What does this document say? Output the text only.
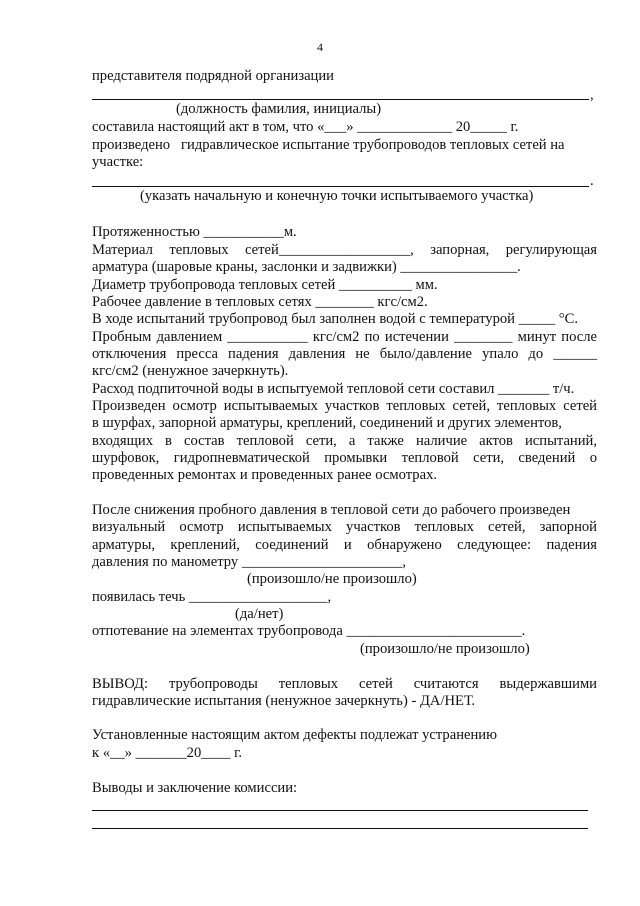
4
представителя подрядной организации
,
(должность фамилия, инициалы)
составила настоящий акт в том, что «___» _____________ 20_____ г.
произведено   гидравлическое испытание трубопроводов тепловых сетей на
участке:
.
(указать начальную и конечную точки испытываемого участка)
Протяженностью ___________м.
Материал тепловых сетей__________________, запорная, регулирующая
арматура (шаровые краны, заслонки и задвижки) ________________.
Диаметр трубопровода тепловых сетей __________ мм.
Рабочее давление в тепловых сетях ________ кгс/см2.
В ходе испытаний трубопровод был заполнен водой с температурой _____ °С.
Пробным давлением ___________ кгс/см2 по истечении ________ минут после
отключения пресса падения давления не было/давление упало до ______
кгс/см2 (ненужное зачеркнуть).
Расход подпиточной воды в испытуемой тепловой сети составил _______ т/ч.
Произведен осмотр испытываемых участков тепловых сетей, тепловых сетей
в шурфах, запорной арматуры, креплений, соединений и других элементов,
входящих в состав тепловой сети, а также наличие актов испытаний,
шурфовок, гидропневматической промывки тепловой сети, сведений о
проведенных ремонтах и проведенных ранее осмотрах.
После снижения пробного давления в тепловой сети до рабочего произведен
визуальный осмотр испытываемых участков тепловых сетей, запорной
арматуры, креплений, соединений и обнаружено следующее: падения
давления по манометру ______________________,
(произошло/не произошло)
появилась течь ___________________,
(да/нет)
отпотевание на элементах трубопровода ________________________.
(произошло/не произошло)
ВЫВОД: трубопроводы тепловых сетей считаются выдержавшими
гидравлические испытания (ненужное зачеркнуть) - ДА/НЕТ.
Установленные настоящим актом дефекты подлежат устранению
к «__» _______20____ г.
Выводы и заключение комиссии:
